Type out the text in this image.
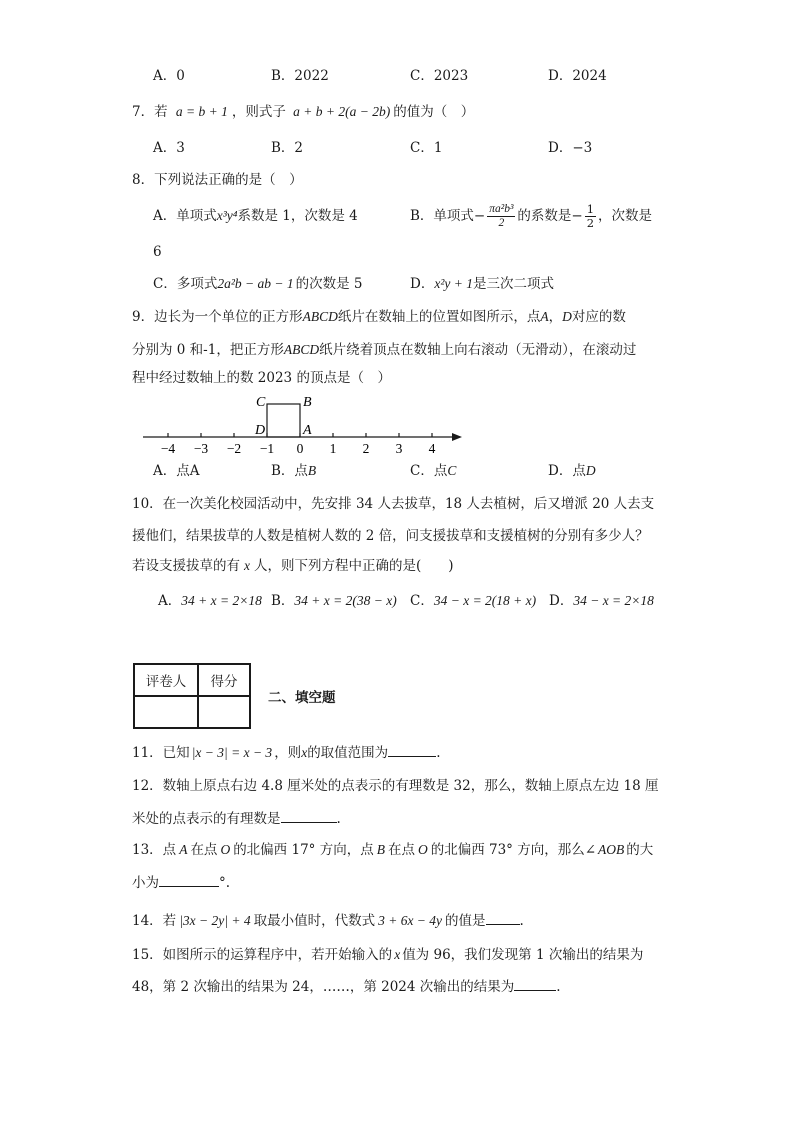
A．0	B．2022	C．2023	D．2024
7．若 a = b + 1 ，则式子 a + b + 2(a − 2b) 的值为（　）
A．3	B．2	C．1	D．−3
8．下列说法正确的是（　）
A．单项式x³y⁴系数是 1，次数是 4	B．单项式− $\frac{\text{πa²b³}}{2}$ 的系数是− $\frac{1}{2}$ ，次数是
6
C．多项式2a²b − ab − 1 的次数是 5	D．x²y + 1是三次二项式
9．边长为一个单位的正方形ABCD纸片在数轴上的位置如图所示，点A，D对应的数
分别为 0 和-1，把正方形ABCD纸片绕着顶点在数轴上向右滚动（无滑动），在滚动过
程中经过数轴上的数 2023 的顶点是（　）
−4 −3 −2 −1 0 1 2 3 4
C	B
D	A
A．点A	B．点B	C．点C	D．点D
10．在一次美化校园活动中，先安排 34 人去拔草，18 人去植树，后又增派 20 人去支
援他们，结果拔草的人数是植树人数的 2 倍，问支援拔草和支援植树的分别有多少人？
若设支援拔草的有 x 人，则下列方程中正确的是(　　)
A．34 + x = 2×18 B．34 + x = 2(38 − x) C．34 − x = 2(18 + x) D．34 − x = 2×18
评卷人	得分

二、填空题
11．已知 |x − 3| = x − 3 ，则x的取值范围为	.
12．数轴上原点右边 4.8 厘米处的点表示的有理数是 32，那么，数轴上原点左边 18 厘
米处的点表示的有理数是	.
13．点 A 在点 O 的北偏西 17° 方向，点 B 在点 O 的北偏西 73° 方向，那么∠ AOB 的大
小为	°.
14．若 |3x − 2y| + 4 取最小值时，代数式 3 + 6x − 4y 的值是	.
15．如图所示的运算程序中，若开始输入的 x 值为 96，我们发现第 1 次输出的结果为
48，第 2 次输出的结果为 24，……，第 2024 次输出的结果为	.
